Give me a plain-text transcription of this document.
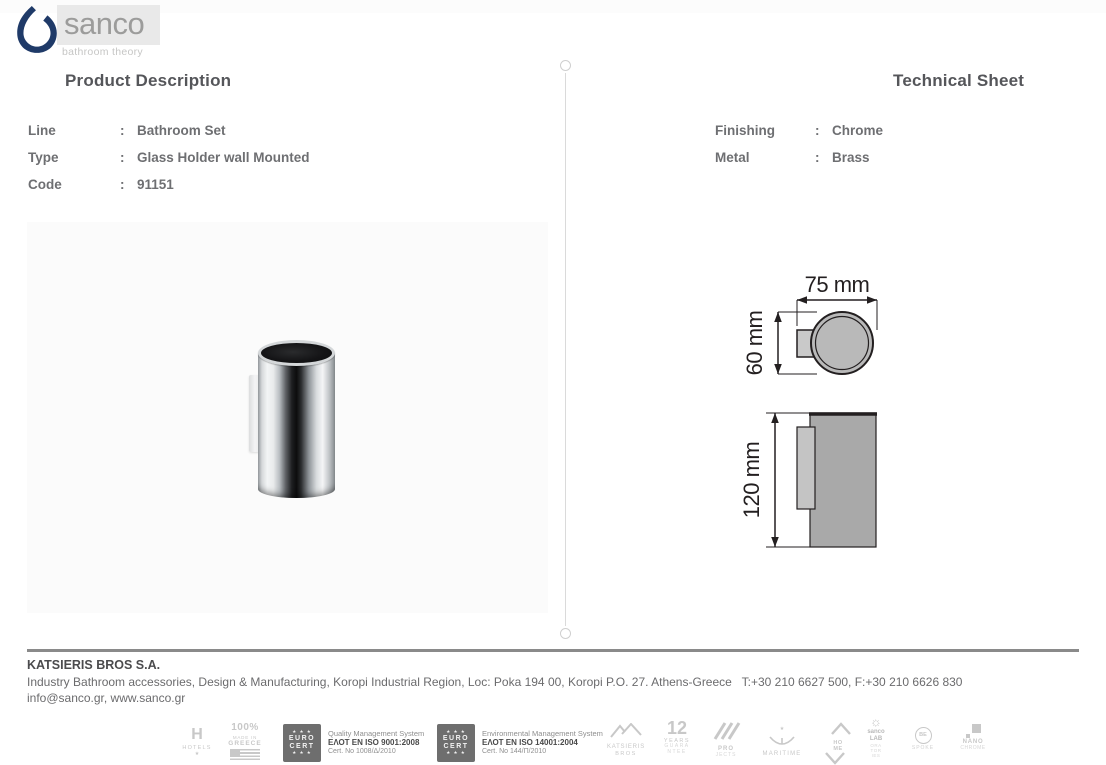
sanco
bathroom theory
Product Description	Technical Sheet
Line	: Bathroom Set
Type	: Glass Holder wall Mounted
Code	: 91151
Finishing	: Chrome
Metal	: Brass
75 mm
60 mm
120 mm
KATSIERIS BROS S.A.
Industry Bathroom accessories, Design & Manufacturing, Koropi Industrial Region, Loc: Poka 194 00, Koropi P.O. 27. Athens-Greece   T:+30 210 6627 500, F:+30 210 6626 830
info@sanco.gr, www.sanco.gr
H
HOTELS
★
100%
MADE IN
GREECE
★ ★ ★
EURO
CERT
★ ★ ★
Quality Management System
ΕΛΟΤ EN ISO 9001:2008
Cert. No 1008/Δ/2010
★ ★ ★
EURO
CERT
★ ★ ★
Environmental Management System
ΕΛΟΤ EN ISO 14001:2004
Cert. No 144/Π/2010
KATSIERIS
BROS
12
YEARS
GUARA
NTEE	PRO
JECTS
★
MARITIME
HO
ME
☼
sanco
LAB
ORA
TOR
IES
BE
SPOKE
NANO
CHROME
